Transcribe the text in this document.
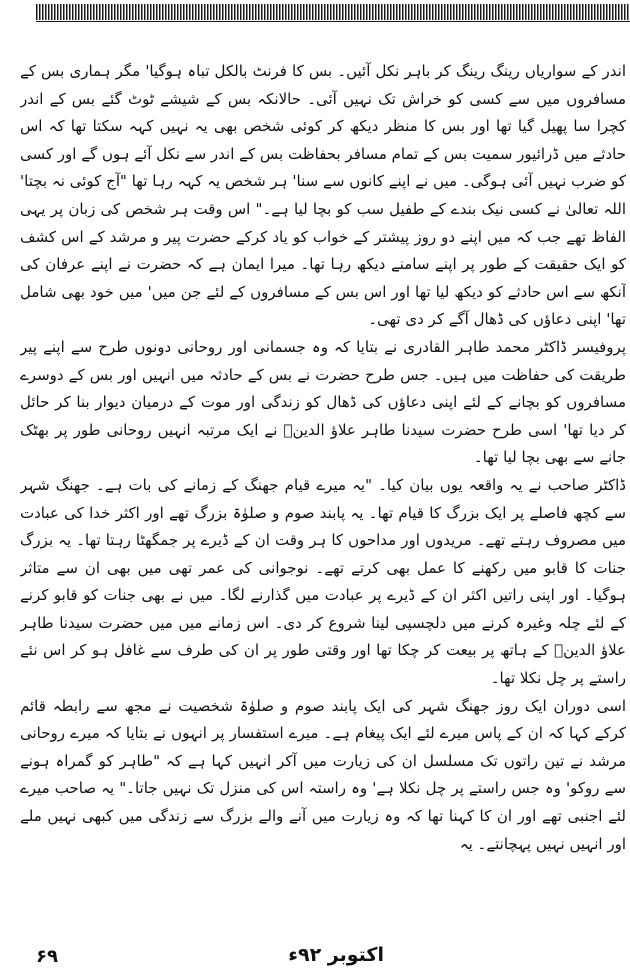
اندر کے سواریاں رینگ رینگ کر باہر نکل آئیں۔ بس کا فرنٹ بالکل تباہ ہوگیا' مگر ہماری بس کے مسافروں میں سے کسی کو خراش تک نہیں آئی۔ حالانکہ بس کے شیشے ٹوٹ گئے بس کے اندر کچرا سا پھیل گیا تھا اور بس کا منظر دیکھ کر کوئی شخص بھی یہ نہیں کہہ سکتا تھا کہ اس حادثے میں ڈرائیور سمیت بس کے تمام مسافر بحفاظت بس کے اندر سے نکل آئے ہوں گے اور کسی کو ضرب نہیں آئی ہوگی۔ میں نے اپنے کانوں سے سنا' ہر شخص یہ کہہ رہا تھا "آج کوئی نہ بچتا' اللہ تعالیٰ نے کسی نیک بندے کے طفیل سب کو بچا لیا ہے۔" اس وقت ہر شخص کی زبان پر یہی الفاظ تھے جب کہ میں اپنے دو روز پیشتر کے خواب کو یاد کرکے حضرت پیر و مرشد کے اس کشف کو ایک حقیقت کے طور پر اپنے سامنے دیکھ رہا تھا۔ میرا ایمان ہے کہ حضرت نے اپنے عرفان کی آنکھ سے اس حادثے کو دیکھ لیا تھا اور اس بس کے مسافروں کے لئے جن میں' میں خود بھی شامل تھا' اپنی دعاؤں کی ڈھال آگے کر دی تھی۔

پروفیسر ڈاکٹر محمد طاہر القادری نے بتایا کہ وہ جسمانی اور روحانی دونوں طرح سے اپنے پیر طریقت کی حفاظت میں ہیں۔ جس طرح حضرت نے بس کے حادثہ میں انہیں اور بس کے دوسرے مسافروں کو بچانے کے لئے اپنی دعاؤں کی ڈھال کو زندگی اور موت کے درمیان دیوار بنا کر حائل کر دیا تھا' اسی طرح حضرت سیدنا طاہر علاؤ الدینؒ نے ایک مرتبہ انہیں روحانی طور پر بھٹک جانے سے بھی بچا لیا تھا۔

ڈاکٹر صاحب نے یہ واقعہ یوں بیان کیا۔ "یہ میرے قیام جھنگ کے زمانے کی بات ہے۔ جھنگ شہر سے کچھ فاصلے پر ایک بزرگ کا قیام تھا۔ یہ پابند صوم و صلوٰۃ بزرگ تھے اور اکثر خدا کی عبادت میں مصروف رہتے تھے۔ مریدوں اور مداحوں کا ہر وقت ان کے ڈیرے پر جمگھٹا رہتا تھا۔ یہ بزرگ جنات کا قابو میں رکھنے کا عمل بھی کرتے تھے۔ نوجوانی کی عمر تھی میں بھی ان سے متاثر ہوگیا۔ اور اپنی راتیں اکثر ان کے ڈیرے پر عبادت میں گذارنے لگا۔ میں نے بھی جنات کو قابو کرنے کے لئے چلہ وغیرہ کرنے میں دلچسپی لینا شروع کر دی۔ اس زمانے میں میں حضرت سیدنا طاہر علاؤ الدینؒ کے ہاتھ پر بیعت کر چکا تھا اور وقتی طور پر ان کی طرف سے غافل ہو کر اس نئے راستے پر چل نکلا تھا۔

اسی دوران ایک روز جھنگ شہر کی ایک پابند صوم و صلوٰۃ شخصیت نے مجھ سے رابطہ قائم کرکے کہا کہ ان کے پاس میرے لئے ایک پیغام ہے۔ میرے استفسار پر انہوں نے بتایا کہ میرے روحانی مرشد نے تین راتوں تک مسلسل ان کی زیارت میں آکر انہیں کہا ہے کہ "طاہر کو گمراہ ہونے سے روکو' وہ جس راستے پر چل نکلا ہے' وہ راستہ اس کی منزل تک نہیں جاتا۔" یہ صاحب میرے لئے اجنبی تھے اور ان کا کہنا تھا کہ وہ زیارت میں آنے والے بزرگ سے زندگی میں کبھی نہیں ملے اور انہیں نہیں پہچانتے۔ یہ

۶۹	اکتوبر ۹۲ء
